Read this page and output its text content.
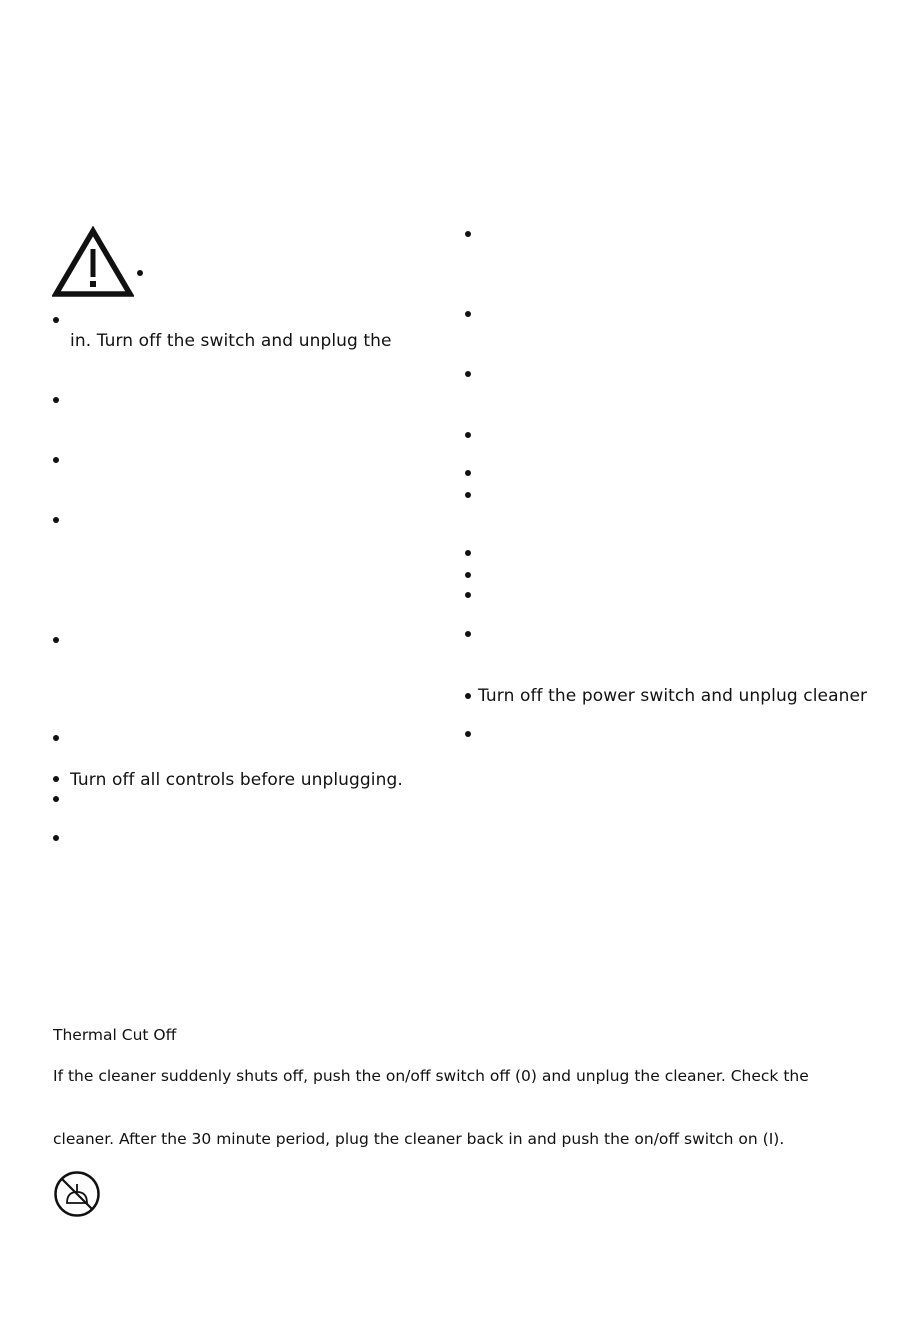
in. Turn off the switch and unplug the
Turn off all controls before unplugging.
Turn off the power switch and unplug cleaner
Thermal Cut Off
If the cleaner suddenly shuts off, push the on/off switch off (0) and unplug the cleaner. Check the
cleaner. After the 30 minute period, plug the cleaner back in and push the on/off switch on (I).
